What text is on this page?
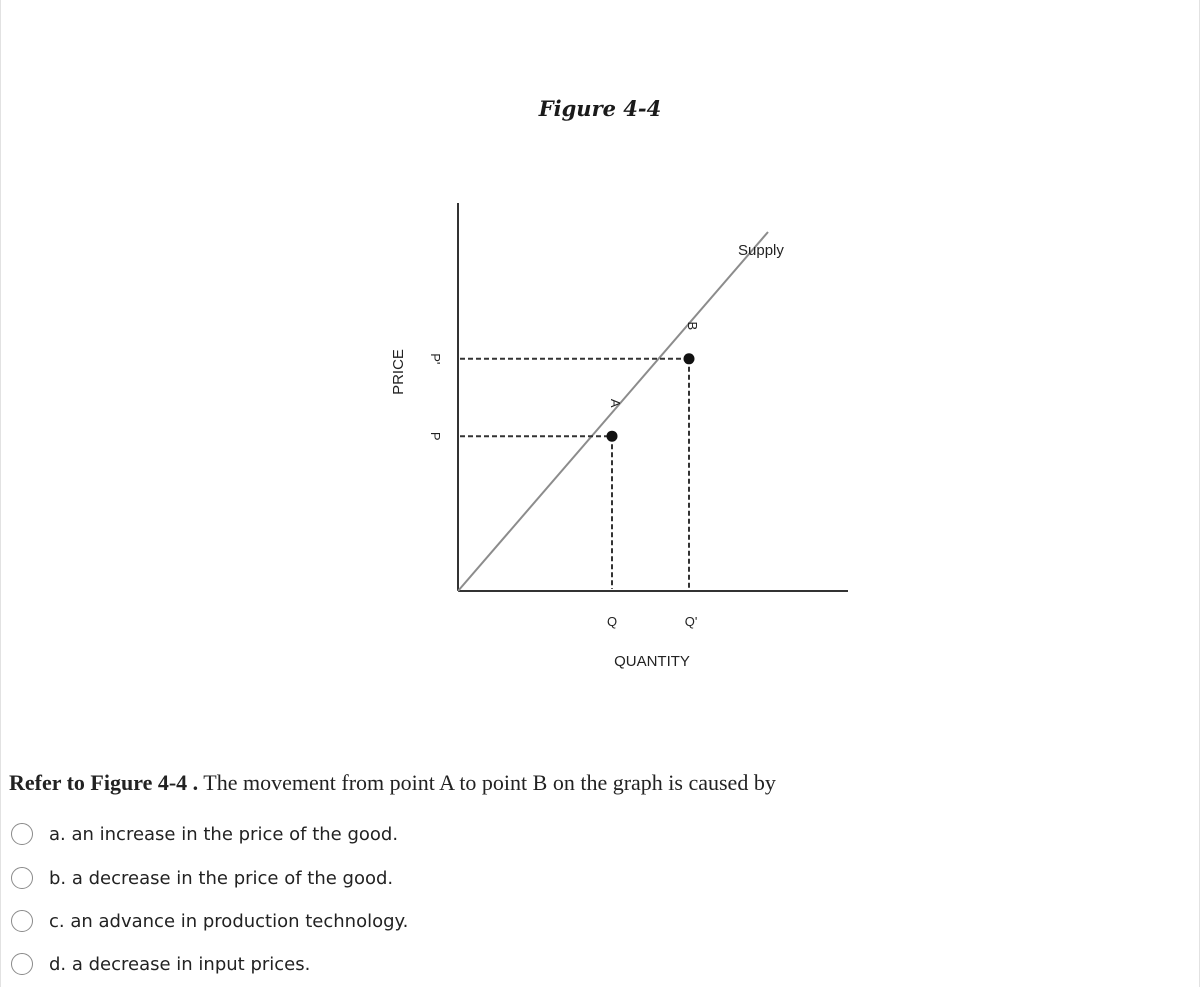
Figure 4-4
Supply
QUANTITY
PRICE
A
P
Q
B
P'
Q'
Refer to Figure 4-4 . The movement from point A to point B on the graph is caused by
a. an increase in the price of the good.
b. a decrease in the price of the good.
c. an advance in production technology.
d. a decrease in input prices.
